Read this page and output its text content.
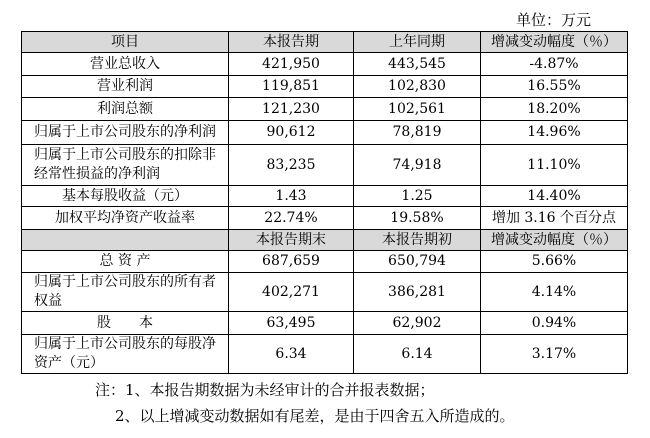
单位：万元
项目	本报告期	上年同期	增减变动幅度（％）
营业总收入	421,950	443,545	-4.87%
营业利润	119,851	102,830	16.55%
利润总额	121,230	102,561	18.20%
归属于上市公司股东的净利润	90,612	78,819	14.96%

归属于上市公司股东的扣除非
经常性损益的净利润	83,235	74,918	11.10%
基本每股收益（元）	1.43	1.25	14.40%
加权平均净资产收益率	22.74%	19.58%	增加 3.16 个百分点
	本报告期末	本报告期初	增减变动幅度（％）
总 资 产	687,659	650,794	5.66%

归属于上市公司股东的所有者
权益	402,271	386,281	4.14%
股　　本	63,495	62,902	0.94%

归属于上市公司股东的每股净
资产（元）	6.34	6.14	3.17%
注：1、本报告期数据为未经审计的合并报表数据；
2、以上增减变动数据如有尾差，是由于四舍五入所造成的。
